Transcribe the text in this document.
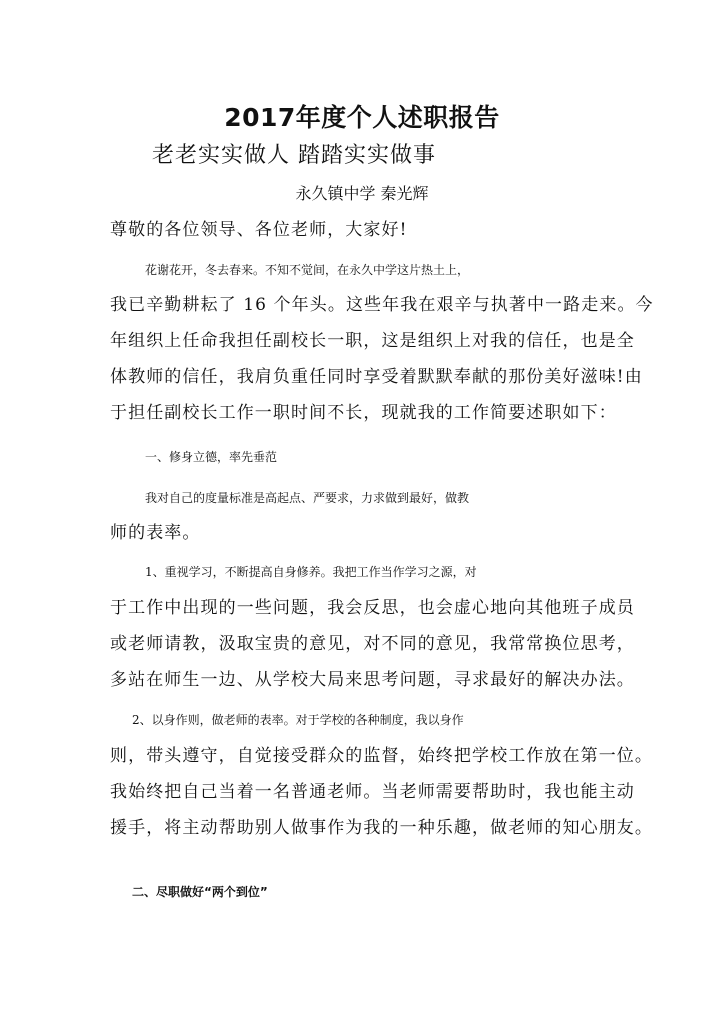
2017年度个人述职报告
老老实实做人 踏踏实实做事
永久镇中学 秦光辉
尊敬的各位领导、各位老师，大家好!
花谢花开，冬去春来。不知不觉间，在永久中学这片热土上，
我已辛勤耕耘了 16 个年头。这些年我在艰辛与执著中一路走来。今
年组织上任命我担任副校长一职，这是组织上对我的信任，也是全
体教师的信任，我肩负重任同时享受着默默奉献的那份美好滋味!由
于担任副校长工作一职时间不长，现就我的工作简要述职如下：
一、修身立德，率先垂范
我对自己的度量标准是高起点、严要求，力求做到最好，做教
师的表率。
1、重视学习，不断提高自身修养。我把工作当作学习之源，对
于工作中出现的一些问题，我会反思，也会虚心地向其他班子成员
或老师请教，汲取宝贵的意见，对不同的意见，我常常换位思考，
多站在师生一边、从学校大局来思考问题，寻求最好的解决办法。
2、以身作则，做老师的表率。对于学校的各种制度，我以身作
则，带头遵守，自觉接受群众的监督，始终把学校工作放在第一位。
我始终把自己当着一名普通老师。当老师需要帮助时，我也能主动
援手，将主动帮助别人做事作为我的一种乐趣，做老师的知心朋友。
二、尽职做好“两个到位”
